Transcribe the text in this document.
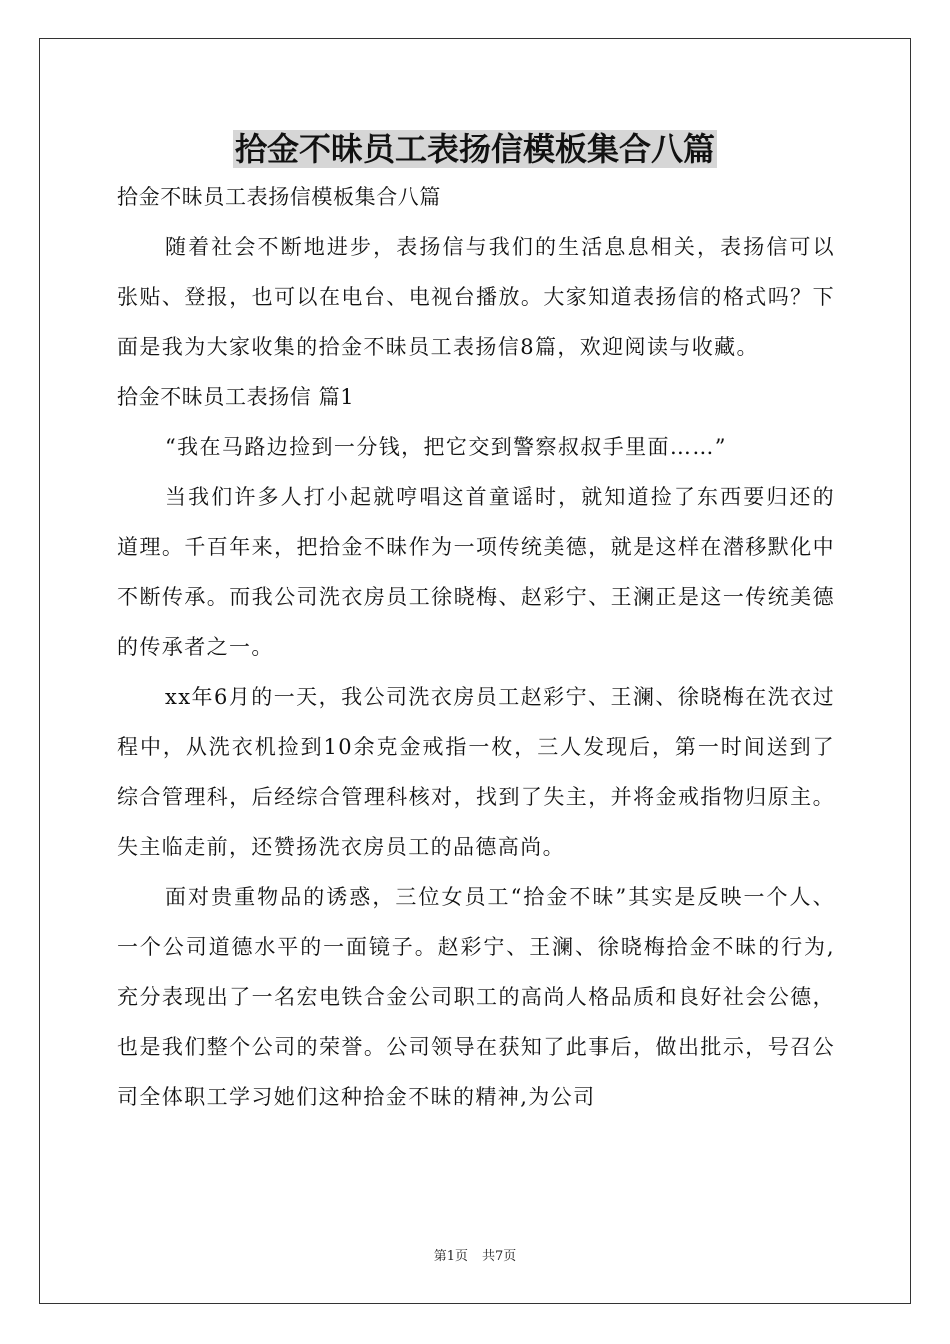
拾金不昧员工表扬信模板集合八篇

拾金不昧员工表扬信模板集合八篇

随着社会不断地进步，表扬信与我们的生活息息相关，表扬信可以张贴、登报，也可以在电台、电视台播放。大家知道表扬信的格式吗？下面是我为大家收集的拾金不昧员工表扬信8篇，欢迎阅读与收藏。

拾金不昧员工表扬信 篇1

“我在马路边捡到一分钱，把它交到警察叔叔手里面……”

当我们许多人打小起就哼唱这首童谣时，就知道捡了东西要归还的道理。千百年来，把拾金不昧作为一项传统美德，就是这样在潜移默化中不断传承。而我公司洗衣房员工徐晓梅、赵彩宁、王澜正是这一传统美德的传承者之一。

xx年6月的一天，我公司洗衣房员工赵彩宁、王澜、徐晓梅在洗衣过程中，从洗衣机捡到10余克金戒指一枚，三人发现后，第一时间送到了综合管理科，后经综合管理科核对，找到了失主，并将金戒指物归原主。失主临走前，还赞扬洗衣房员工的品德高尚。

面对贵重物品的诱惑，三位女员工“拾金不昧”其实是反映一个人、一个公司道德水平的一面镜子。赵彩宁、王澜、徐晓梅拾金不昧的行为,充分表现出了一名宏电铁合金公司职工的高尚人格品质和良好社会公德，也是我们整个公司的荣誉。公司领导在获知了此事后，做出批示，号召公司全体职工学习她们这种拾金不昧的精神,为公司

第1页 共7页
